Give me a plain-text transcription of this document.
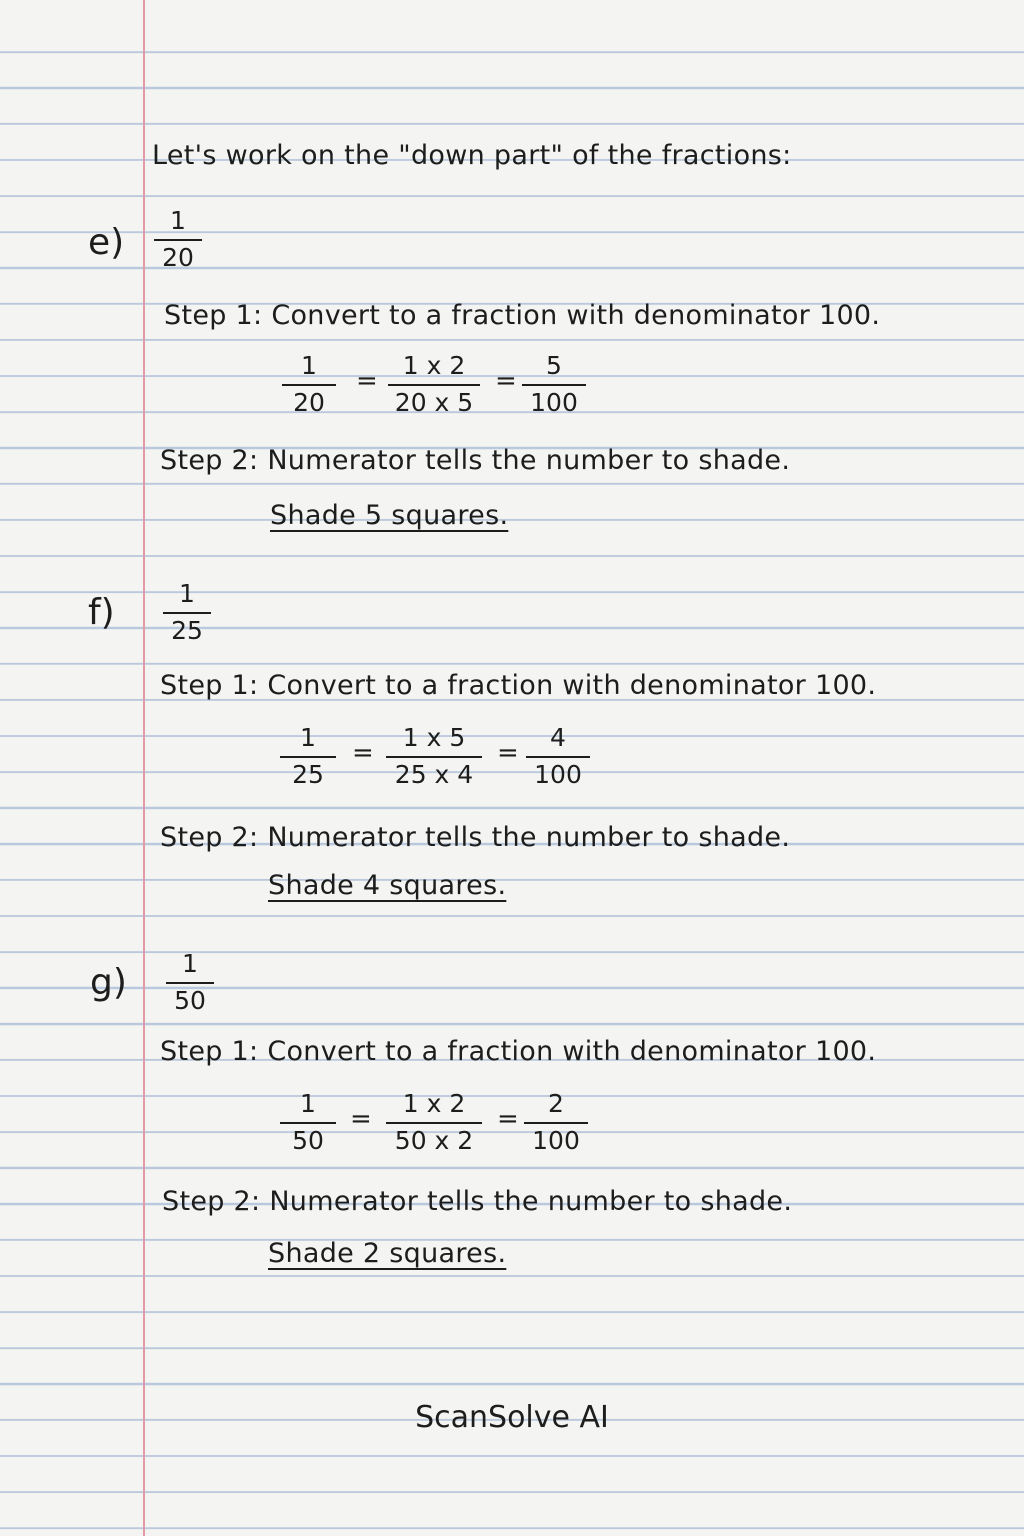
Let's work on the "down part" of the fractions:
e)
1
20
Step 1: Convert to a fraction with denominator 100.
1
20
=
1 x 2
20 x 5
=
5
100
Step 2: Numerator tells the number to shade.
Shade 5 squares.
f)	1
25
Step 1: Convert to a fraction with denominator 100.
1
25
=
1 x 5
25 x 4
=
4
100
Step 2: Numerator tells the number to shade.
Shade 4 squares.
g) 1
50
Step 1: Convert to a fraction with denominator 100.
1
50
=
1 x 2
50 x 2
=
2
100
Step 2: Numerator tells the number to shade.
Shade 2 squares.
ScanSolve AI
